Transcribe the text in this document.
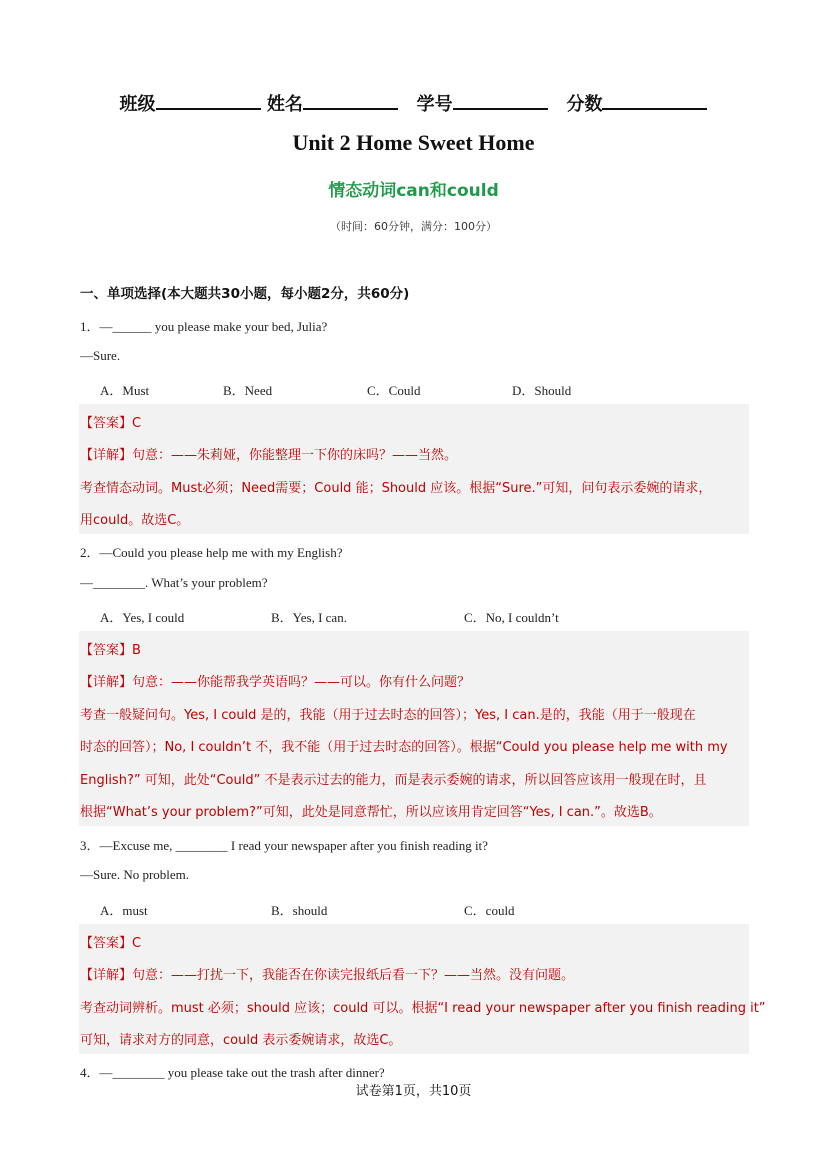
班级	姓名	学号	分数
Unit 2 Home Sweet Home
情态动词can和could
（时间：60分钟，满分：100分）
一、单项选择(本大题共30小题，每小题2分，共60分)
1．—______ you please make your bed, Julia?
—Sure.
A．Must	B．Need	C．Could	D．Should
【答案】C
【详解】句意：——朱莉娅，你能整理一下你的床吗？——当然。
考查情态动词。Must必须；Need需要；Could 能；Should 应该。根据“Sure.”可知，问句表示委婉的请求，
用could。故选C。
2．—Could you please help me with my English?
—________. What’s your problem?
A．Yes, I could	B．Yes, I can.	C．No, I couldn’t
【答案】B
【详解】句意：——你能帮我学英语吗？——可以。你有什么问题？
考查一般疑问句。Yes, I could 是的，我能（用于过去时态的回答）；Yes, I can.是的，我能（用于一般现在
时态的回答）；No, I couldn’t 不，我不能（用于过去时态的回答）。根据“Could you please help me with my
English?” 可知，此处“Could” 不是表示过去的能力，而是表示委婉的请求，所以回答应该用一般现在时，且
根据“What’s your problem?”可知，此处是同意帮忙，所以应该用肯定回答“Yes, I can.”。故选B。
3．—Excuse me, ________ I read your newspaper after you finish reading it?
—Sure. No problem.
A．must	B．should	C．could
【答案】C
【详解】句意：——打扰一下，我能否在你读完报纸后看一下？——当然。没有问题。
考查动词辨析。must 必须；should 应该；could 可以。根据“I read your newspaper after you finish reading it”
可知，请求对方的同意，could 表示委婉请求，故选C。
4．—________ you please take out the trash after dinner?
试卷第1页，共10页
